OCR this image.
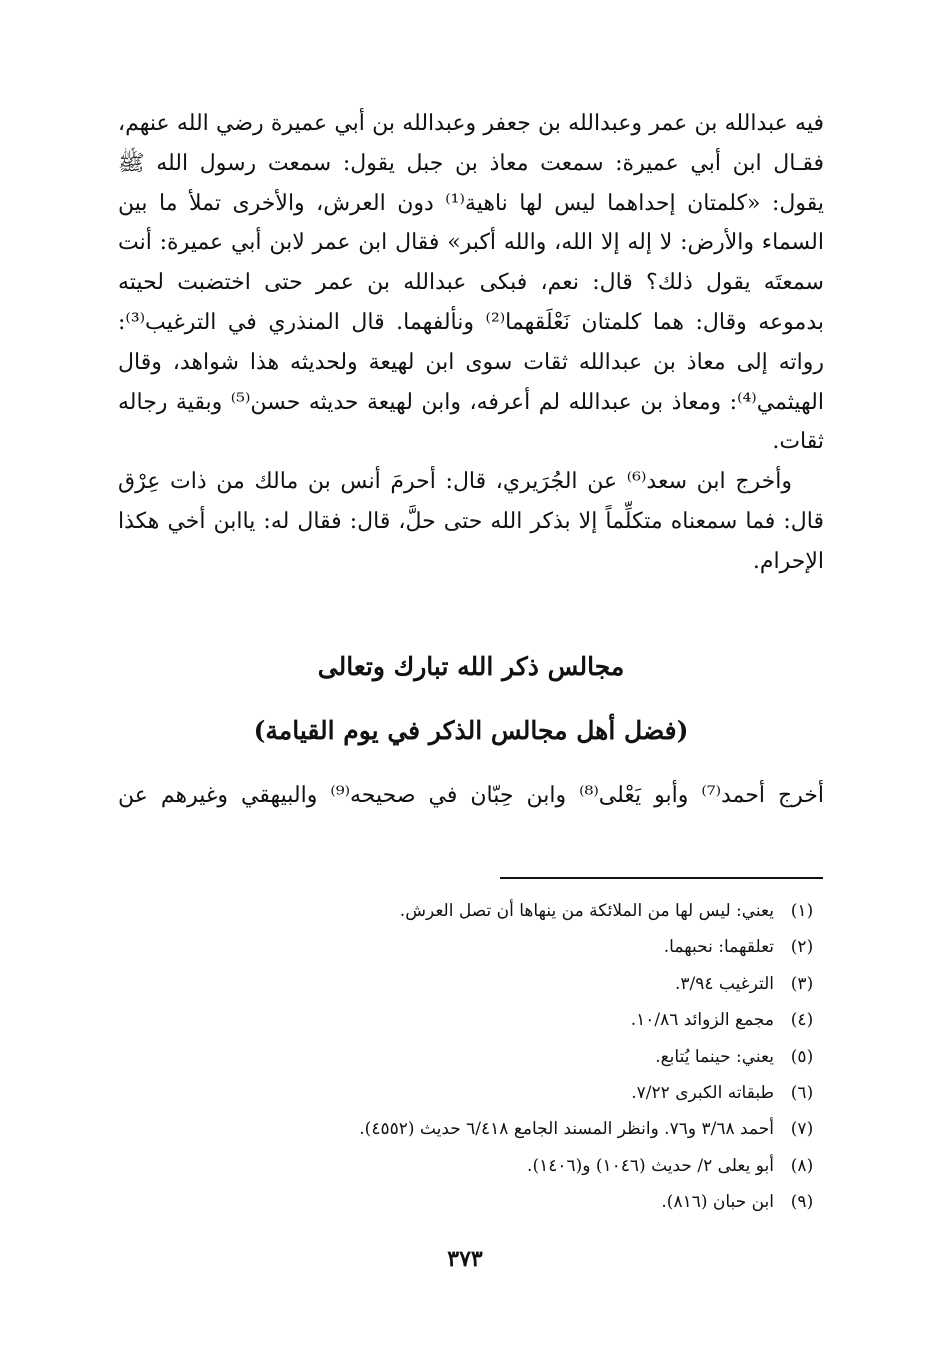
فيه عبدالله بن عمر وعبدالله بن جعفر وعبدالله بن أبي عميرة رضي الله عنهم، فقـال ابن أبي عميرة: سمعت معاذ بن جبل يقول: سمعت رسول الله ﷺ يقول: «كلمتان إحداهما ليس لها ناهية⁽¹⁾ دون العرش، والأخرى تملأ ما بين السماء والأرض: لا إله إلا الله، والله أكبر» فقال ابن عمر لابن أبي عميرة: أنت سمعتَه يقول ذلك؟ قال: نعم، فبكى عبدالله بن عمر حتى اختضبت لحيته بدموعه وقال: هما كلمتان نَعْلَقهما⁽²⁾ ونألفهما. قال المنذري في الترغيب⁽³⁾: رواته إلى معاذ بن عبدالله ثقات سوى ابن لهيعة ولحديثه هذا شواهد، وقال الهيثمي⁽⁴⁾: ومعاذ بن عبدالله لم أعرفه، وابن لهيعة حديثه حسن⁽⁵⁾ وبقية رجاله ثقات.

وأخرج ابن سعد⁽⁶⁾ عن الجُرَيري، قال: أحرمَ أنس بن مالك من ذات عِرْق قال: فما سمعناه متكلِّماً إلا بذكر الله حتى حلَّ، قال: فقال له: ياابن أخي هكذا الإحرام.

مجالس ذكر الله تبارك وتعالى
(فضل أهل مجالس الذكر في يوم القيامة)
أخرج أحمد⁽⁷⁾ وأبو يَعْلى⁽⁸⁾ وابن حِبّان في صحيحه⁽⁹⁾ والبيهقي وغيرهم عن
(١)يعني: ليس لها من الملائكة من ينهاها أن تصل العرش.
(٢)تعلقهما: نحبهما.
(٣)الترغيب ٣/٩٤.
(٤)مجمع الزوائد ١٠/٨٦.
(٥)يعني: حينما يُتابع.
(٦)طبقاته الكبرى ٧/٢٢.
(٧)أحمد ٣/٦٨ و٧٦. وانظر المسند الجامع ٦/٤١٨ حديث (٤٥٥٢).
(٨)أبو يعلى ٢/ حديث (١٠٤٦) و(١٤٠٦).
(٩)ابن حبان (٨١٦).
٣٧٣
